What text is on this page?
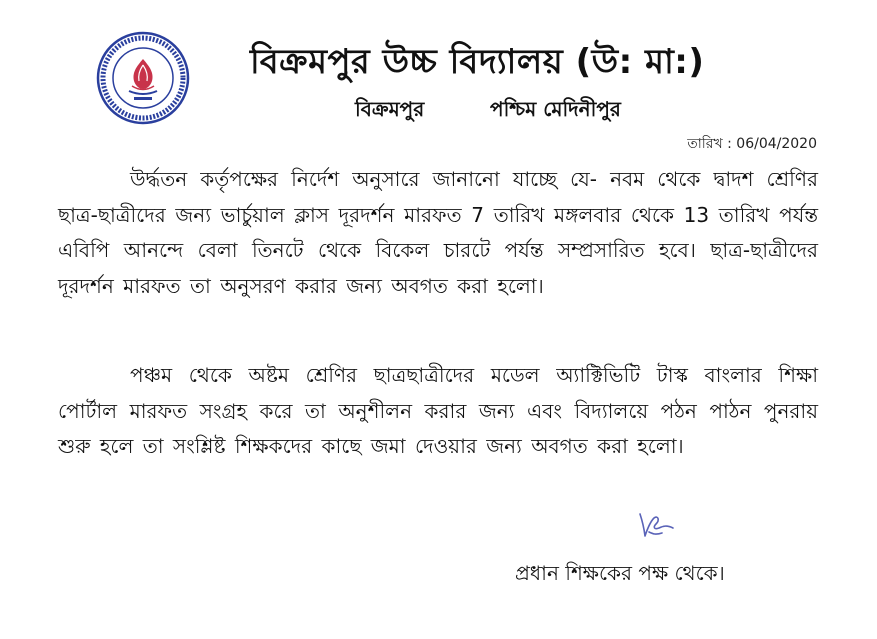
বিক্রমপুর উচ্চ বিদ্যালয় (উ: মা:)
বিক্রমপুর	পশ্চিম মেদিনীপুর
তারিখ : 06/04/2020

উর্দ্ধতন কর্তৃপক্ষের নির্দেশ অনুসারে জানানো যাচ্ছে যে- নবম থেকে দ্বাদশ শ্রেণির ছাত্র-ছাত্রীদের জন্য ভার্চুয়াল ক্লাস দূরদর্শন মারফত 7 তারিখ মঙ্গলবার থেকে 13 তারিখ পর্যন্ত এবিপি আনন্দে বেলা তিনটে থেকে বিকেল চারটে পর্যন্ত সম্প্রসারিত হবে। ছাত্র-ছাত্রীদের দূরদর্শন মারফত তা অনুসরণ করার জন্য অবগত করা হলো।

পঞ্চম থেকে অষ্টম শ্রেণির ছাত্রছাত্রীদের মডেল অ্যাক্টিভিটি টাস্ক বাংলার শিক্ষা পোর্টাল মারফত সংগ্রহ করে তা অনুশীলন করার জন্য এবং বিদ্যালয়ে পঠন পাঠন পুনরায় শুরু হলে তা সংশ্লিষ্ট শিক্ষকদের কাছে জমা দেওয়ার জন্য অবগত করা হলো।

প্রধান শিক্ষকের পক্ষ থেকে।
